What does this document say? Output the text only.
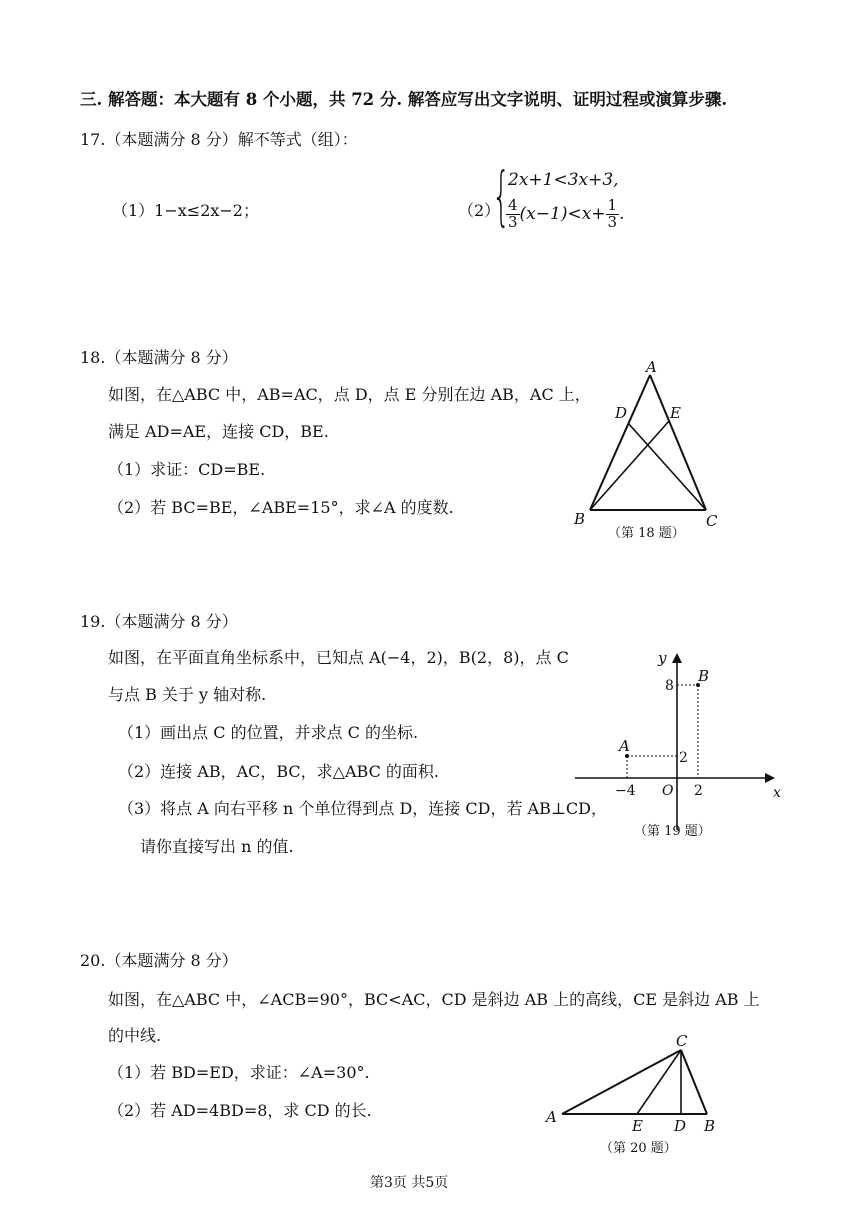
三. 解答题：本大题有 8 个小题，共 72 分. 解答应写出文字说明、证明过程或演算步骤.
17.（本题满分 8 分）解不等式（组）：
（1）1−x≤2x−2；	（2）
{
2x+1<3x+3,
$\frac{4}{3} (x-1)<x+ \frac{1}{3}$ .
18.（本题满分 8 分）
如图，在△ABC 中，AB=AC，点 D，点 E 分别在边 AB，AC 上，
满足 AD=AE，连接 CD，BE.
（1）求证：CD=BE.
（2）若 BC=BE，∠ABE=15°，求∠A 的度数.
A
B	C
D	E
（第 18 题）
19.（本题满分 8 分）
如图，在平面直角坐标系中，已知点 A(−4，2)，B(2，8)，点 C
与点 B 关于 y 轴对称.
（1）画出点 C 的位置，并求点 C 的坐标.
（2）连接 AB，AC，BC，求△ABC 的面积.
（3）将点 A 向右平移 n 个单位得到点 D，连接 CD，若 AB⊥CD，
请你直接写出 n 的值.
y
x
B
A
8
2
−4 O 2
（第 19 题）
20.（本题满分 8 分）
如图，在△ABC 中，∠ACB=90°，BC<AC，CD 是斜边 AB 上的高线，CE 是斜边 AB 上
的中线.
（1）若 BD=ED，求证：∠A=30°.
（2）若 AD=4BD=8，求 CD 的长.
C
A	E D B
（第 20 题）
第3页 共5页
